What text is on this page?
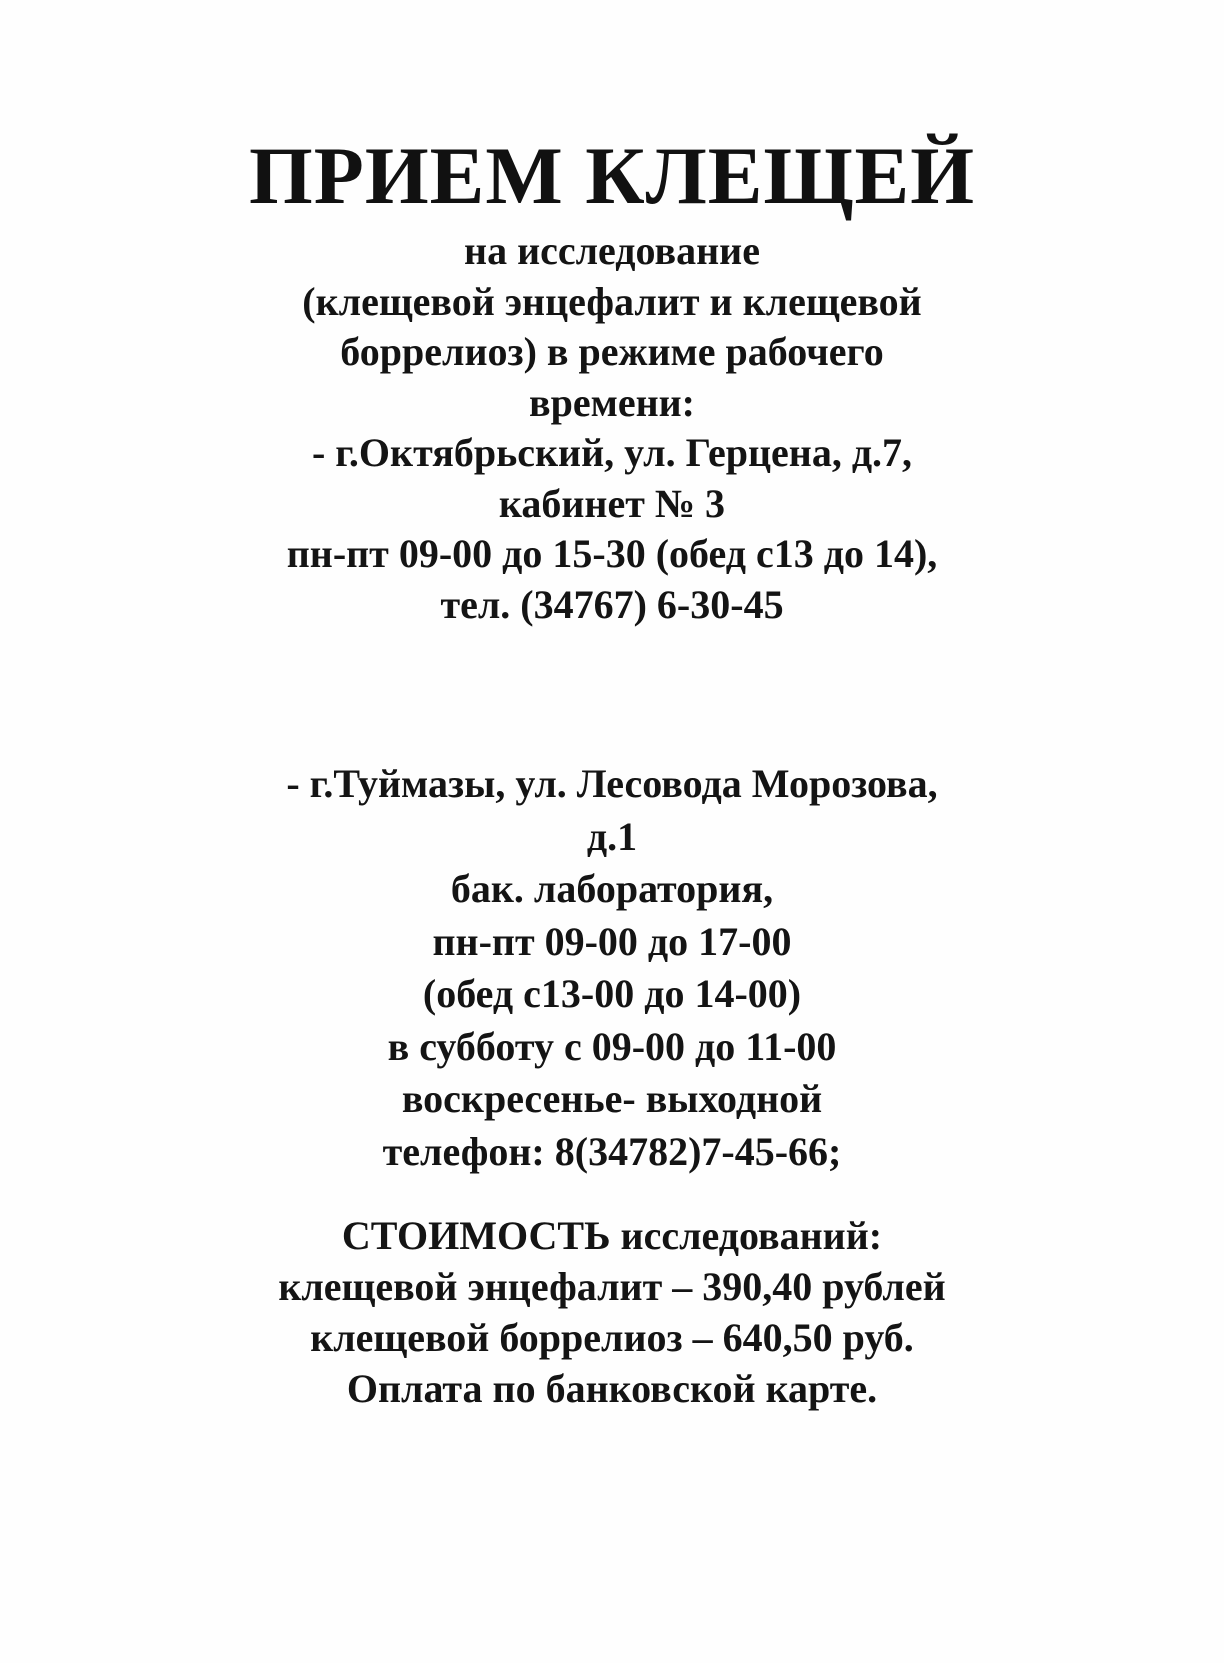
ПРИЕМ КЛЕЩЕЙ
на исследование
(клещевой энцефалит и клещевой
боррелиоз) в режиме рабочего
времени:
- г.Октябрьский, ул. Герцена, д.7,
кабинет № 3
пн-пт 09-00 до 15-30 (обед с13 до 14),
тел. (34767) 6-30-45
- г.Туймазы, ул. Лесовода Морозова,
д.1
бак. лаборатория,
пн-пт 09-00 до 17-00
(обед с13-00 до 14-00)
в субботу с 09-00 до 11-00
воскресенье- выходной
телефон: 8(34782)7-45-66;
СТОИМОСТЬ исследований:
клещевой энцефалит – 390,40 рублей
клещевой боррелиоз – 640,50 руб.
Оплата по банковской карте.
